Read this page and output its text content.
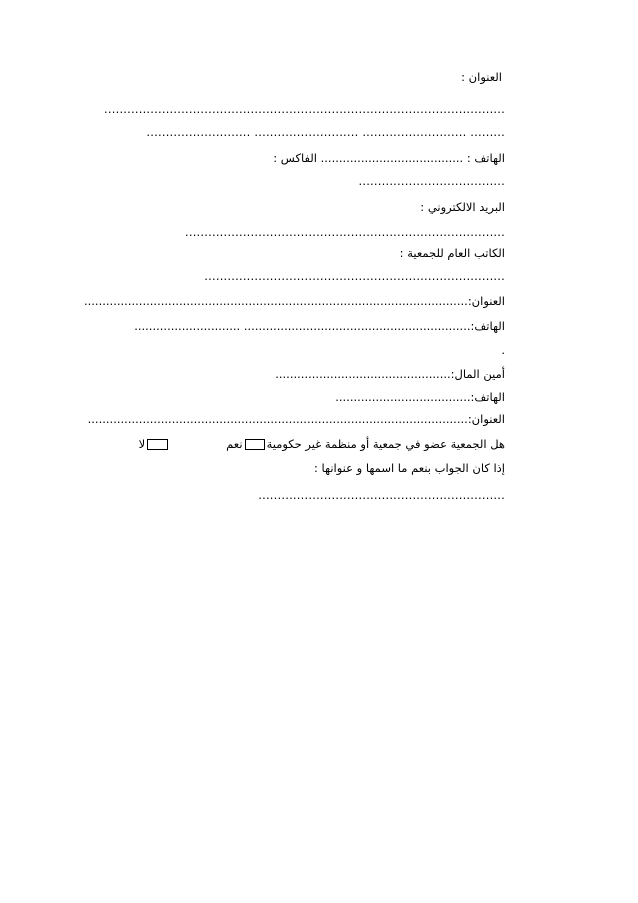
العنوان :
........................................................................................................
......... ........................... ........................... ...........................
الهاتف : ....................................... الفاكس :
......................................
البريد الالكتروني :
...................................................................................
الكاتب العام للجمعية :
..............................................................................
العنوان:.........................................................................................................
الهاتف:.............................................................. .............................
.
أمين المال:................................................
الهاتف:.....................................
العنوان:........................................................................................................
هل الجمعية عضو في جمعية أو منظمة غير حكوميةنعملا
إذا كان الجواب بنعم ما اسمها و عنوانها :
................................................................
